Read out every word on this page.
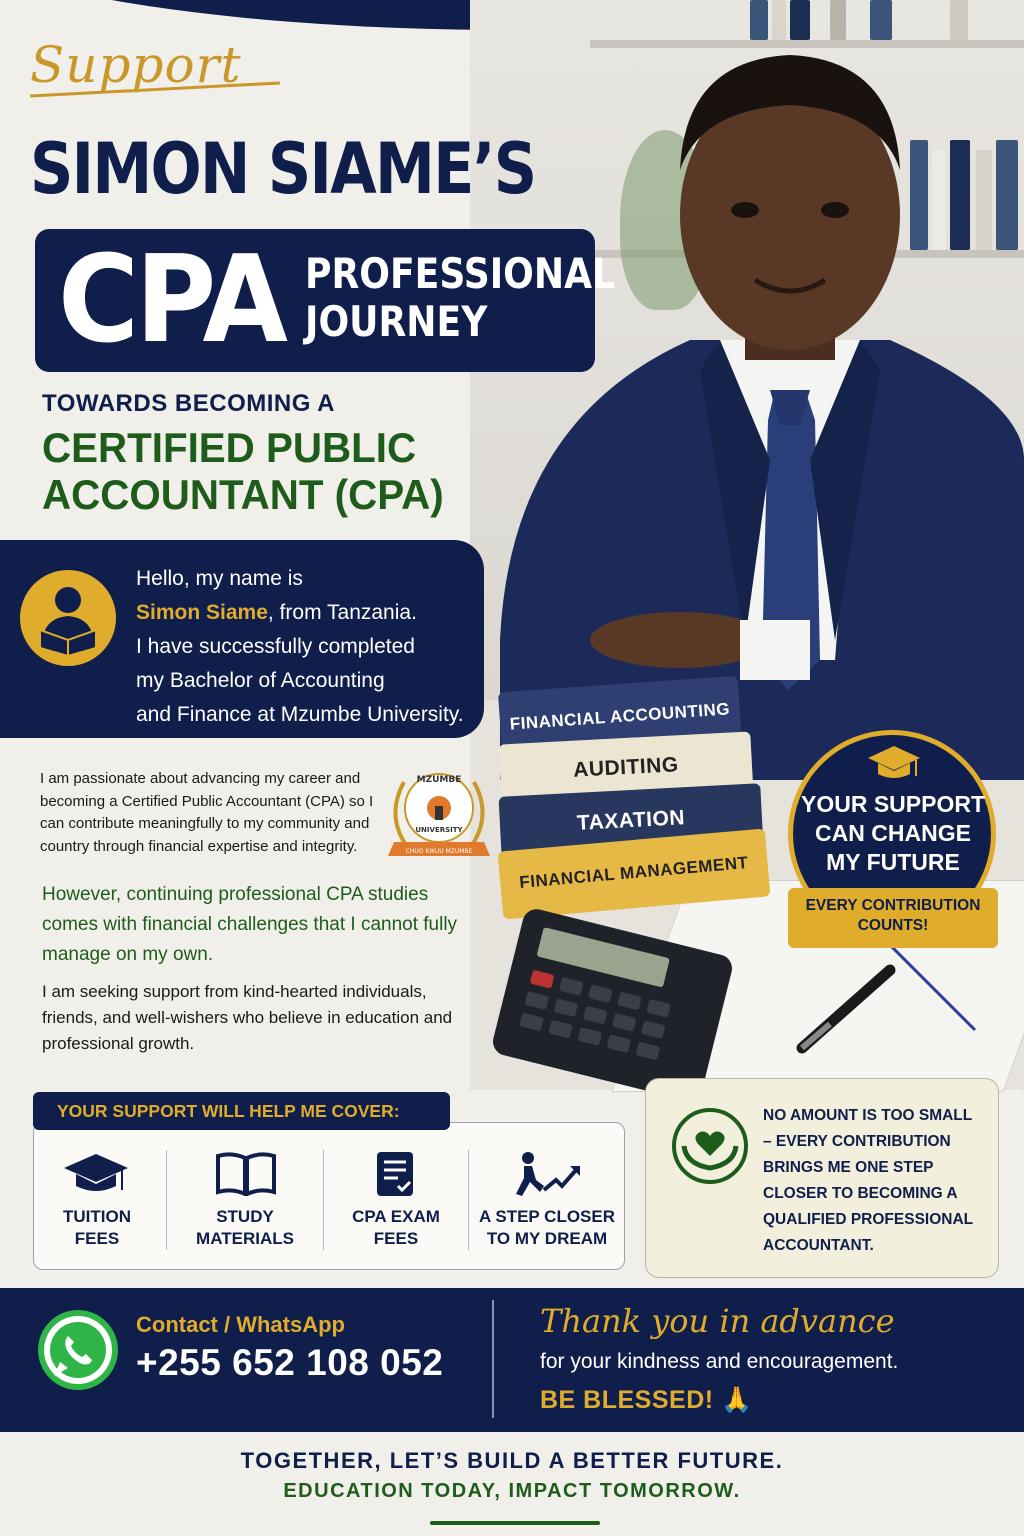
Support
SIMON SIAME’S
CPA PROFESSIONAL
JOURNEY
TOWARDS BECOMING A
CERTIFIED PUBLIC
ACCOUNTANT (CPA)
Hello, my name is
Simon Siame, from Tanzania.
I have successfully completed
my Bachelor of Accounting
and Finance at Mzumbe University.
I am passionate about advancing my career and becoming a Certified Public Accountant (CPA) so I can contribute meaningfully to my community and country through financial expertise and integrity.
However, continuing professional CPA studies comes with financial challenges that I cannot fully manage on my own.
I am seeking support from kind-hearted individuals, friends, and well-wishers who believe in education and professional growth.
MZUMBE
UNIVERSITY
CHUO KIKUU MZUMBE
FINANCIAL ACCOUNTING
AUDITING
TAXATION
FINANCIAL MANAGEMENT
YOUR SUPPORT
CAN CHANGE
MY FUTURE
EVERY CONTRIBUTION
COUNTS!
YOUR SUPPORT WILL HELP ME COVER:
TUITION
FEES
STUDY
MATERIALS
CPA EXAM
FEES
A STEP CLOSER
TO MY DREAM
NO AMOUNT IS TOO SMALL
– EVERY CONTRIBUTION
BRINGS ME ONE STEP
CLOSER TO BECOMING A
QUALIFIED PROFESSIONAL
ACCOUNTANT.
Contact / WhatsApp
+255 652 108 052
Thank you in advance
for your kindness and encouragement.
BE BLESSED! 🙏
TOGETHER, LET’S BUILD A BETTER FUTURE.
EDUCATION TODAY, IMPACT TOMORROW.
